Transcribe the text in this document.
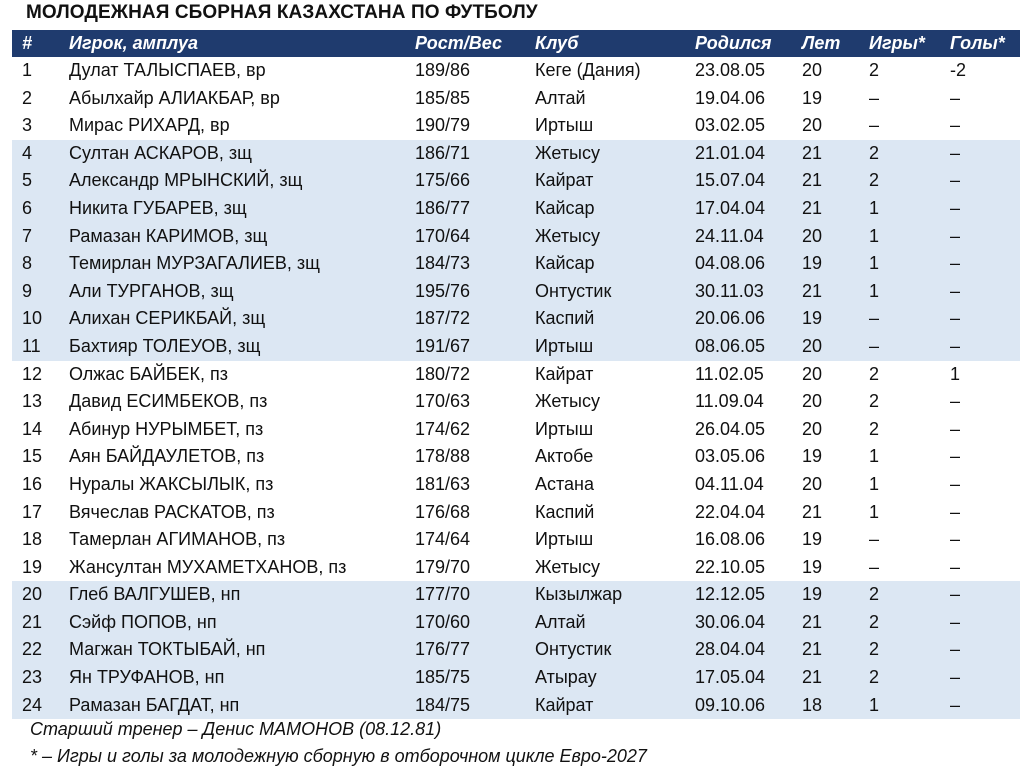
МОЛОДЕЖНАЯ СБОРНАЯ КАЗАХСТАНА ПО ФУТБОЛУ
# Игрок, амплуа	Рост/Вес Клуб	Родился Лет Игры* Голы*
1 Дулат ТАЛЫСПАЕВ, вр	189/86	Кеге (Дания)	23.08.05 20	2	-2
2 Абылхайр АЛИАКБАР, вр	185/85	Алтай	19.04.06 19	–	–
3 Мирас РИХАРД, вр	190/79	Иртыш	03.02.05 20	–	–
4 Султан АСКАРОВ, зщ	186/71	Жетысу	21.01.04 21	2	–
5 Александр МРЫНСКИЙ, зщ	175/66	Кайрат	15.07.04 21	2	–
6 Никита ГУБАРЕВ, зщ	186/77	Кайсар	17.04.04 21	1	–
7 Рамазан КАРИМОВ, зщ	170/64	Жетысу	24.11.04 20	1	–
8 Темирлан МУРЗАГАЛИЕВ, зщ	184/73	Кайсар	04.08.06 19	1	–
9 Али ТУРГАНОВ, зщ	195/76	Онтустик	30.11.03 21	1	–
10 Алихан СЕРИКБАЙ, зщ	187/72	Каспий	20.06.06 19	–	–
11 Бахтияр ТОЛЕУОВ, зщ	191/67	Иртыш	08.06.05 20	–	–
12 Олжас БАЙБЕК, пз	180/72	Кайрат	11.02.05 20	2	1
13 Давид ЕСИМБЕКОВ, пз	170/63	Жетысу	11.09.04 20	2	–
14 Абинур НУРЫМБЕТ, пз	174/62	Иртыш	26.04.05 20	2	–
15 Аян БАЙДАУЛЕТОВ, пз	178/88	Актобе	03.05.06 19	1	–
16 Нуралы ЖАКСЫЛЫК, пз	181/63	Астана	04.11.04 20	1	–
17 Вячеслав РАСКАТОВ, пз	176/68	Каспий	22.04.04 21	1	–
18 Тамерлан АГИМАНОВ, пз	174/64	Иртыш	16.08.06 19	–	–
19 Жансултан МУХАМЕТХАНОВ, пз	179/70	Жетысу	22.10.05 19	–	–
20 Глеб ВАЛГУШЕВ, нп	177/70	Кызылжар	12.12.05 19	2	–
21 Сэйф ПОПОВ, нп	170/60	Алтай	30.06.04 21	2	–
22 Магжан ТОКТЫБАЙ, нп	176/77	Онтустик	28.04.04 21	2	–
23 Ян ТРУФАНОВ, нп	185/75	Атырау	17.05.04 21	2	–
24 Рамазан БАГДАТ, нп	184/75	Кайрат	09.10.06 18	1	–
Старший тренер – Денис МАМОНОВ (08.12.81)
* – Игры и голы за молодежную сборную в отборочном цикле Евро-2027
